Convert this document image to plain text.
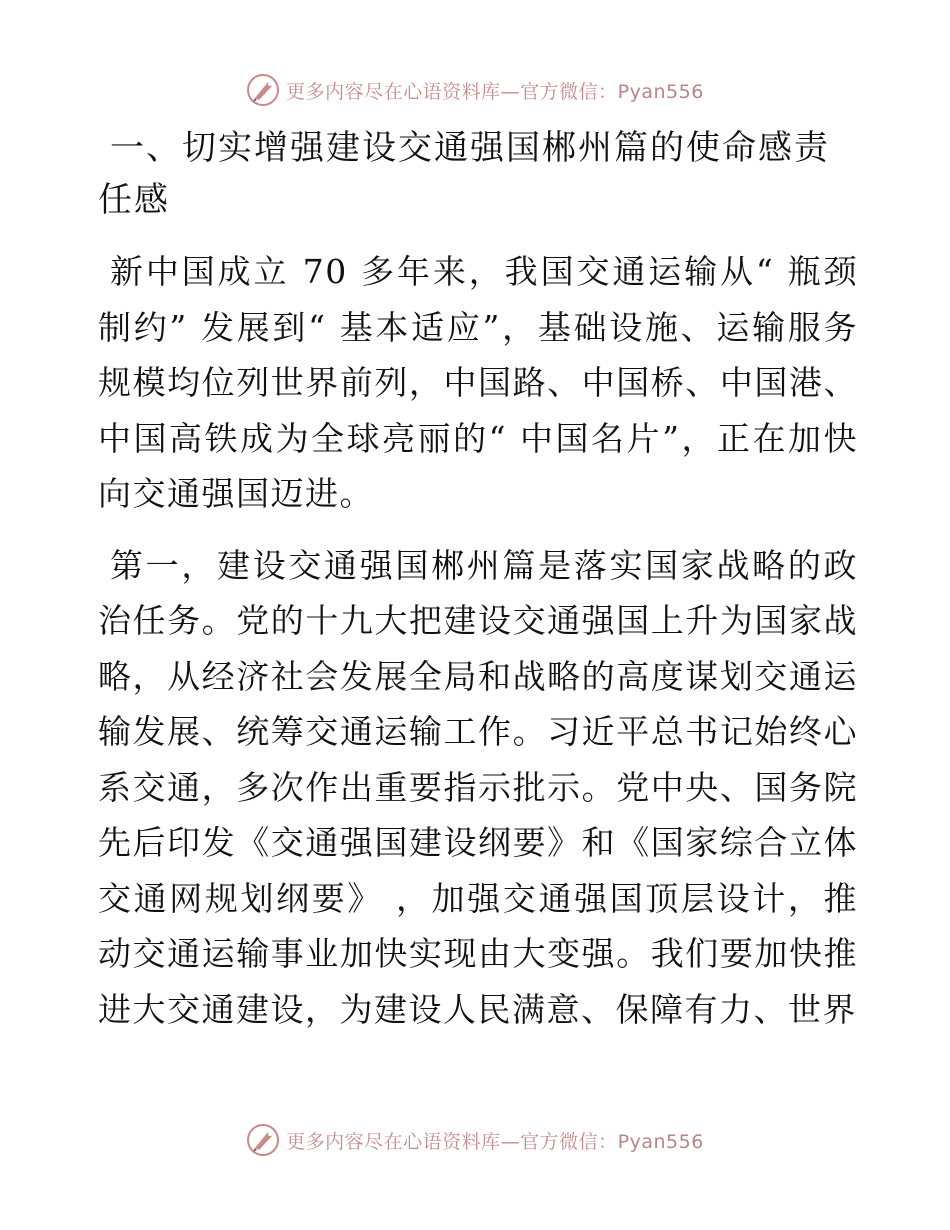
更多内容尽在心语资料库—官方微信：Pyan556
一、切实增强建设交通强国郴州篇的使命感责任感

新中国成立 70 多年来，我国交通运输从“ 瓶颈制约” 发展到“ 基本适应”，基础设施、运输服务规模均位列世界前列，中国路、中国桥、中国港、中国高铁成为全球亮丽的“ 中国名片”，正在加快向交通强国迈进。

第一，建设交通强国郴州篇是落实国家战略的政治任务。党的十九大把建设交通强国上升为国家战略，从经济社会发展全局和战略的高度谋划交通运输发展、统筹交通运输工作。习近平总书记始终心系交通，多次作出重要指示批示。党中央、国务院先后印发《交通强国建设纲要》和《国家综合立体交通网规划纲要》 ，加强交通强国顶层设计，推动交通运输事业加快实现由大变强。我们要加快推进大交通建设，为建设人民满意、保障有力、世界

更多内容尽在心语资料库—官方微信：Pyan556
